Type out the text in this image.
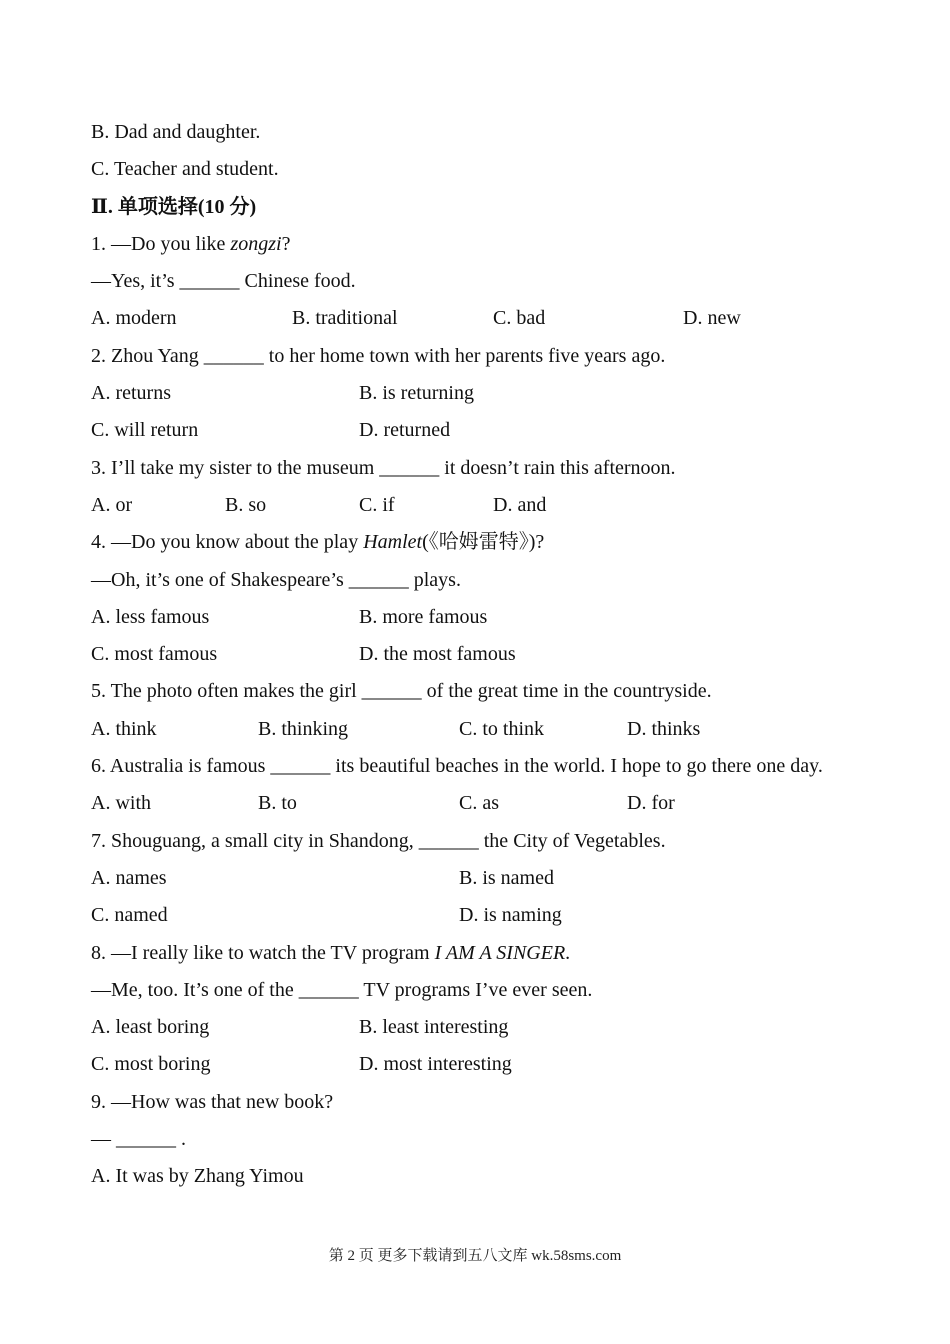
B. Dad and daughter.
C. Teacher and student.
Ⅱ. 单项选择(10 分)
1. —Do you like zongzi?
—Yes, it’s ______ Chinese food.
A. modern	B. traditional	C. bad	D. new
2. Zhou Yang ______ to her home town with her parents five years ago.
A. returns	B. is returning
C. will return	D. returned
3. I’ll take my sister to the museum ______ it doesn’t rain this afternoon.
A. or	B. so	C. if	D. and
4. —Do you know about the play Hamlet(《哈姆雷特》)?
—Oh, it’s one of Shakespeare’s ______ plays.
A. less famous	B. more famous
C. most famous	D. the most famous
5. The photo often makes the girl ______ of the great time in the countryside.
A. think	B. thinking	C. to think	D. thinks
6. Australia is famous ______ its beautiful beaches in the world. I hope to go there one day.
A. with	B. to	C. as	D. for
7. Shouguang, a small city in Shandong, ______ the City of Vegetables.
A. names	B. is named
C. named	D. is naming
8. —I really like to watch the TV program I AM A SINGER.
—Me, too. It’s one of the ______ TV programs I’ve ever seen.
A. least boring	B. least interesting
C. most boring	D. most interesting
9. —How was that new book?
— ______ .
A. It was by Zhang Yimou
第 2 页 更多下载请到五八文库 wk.58sms.com
